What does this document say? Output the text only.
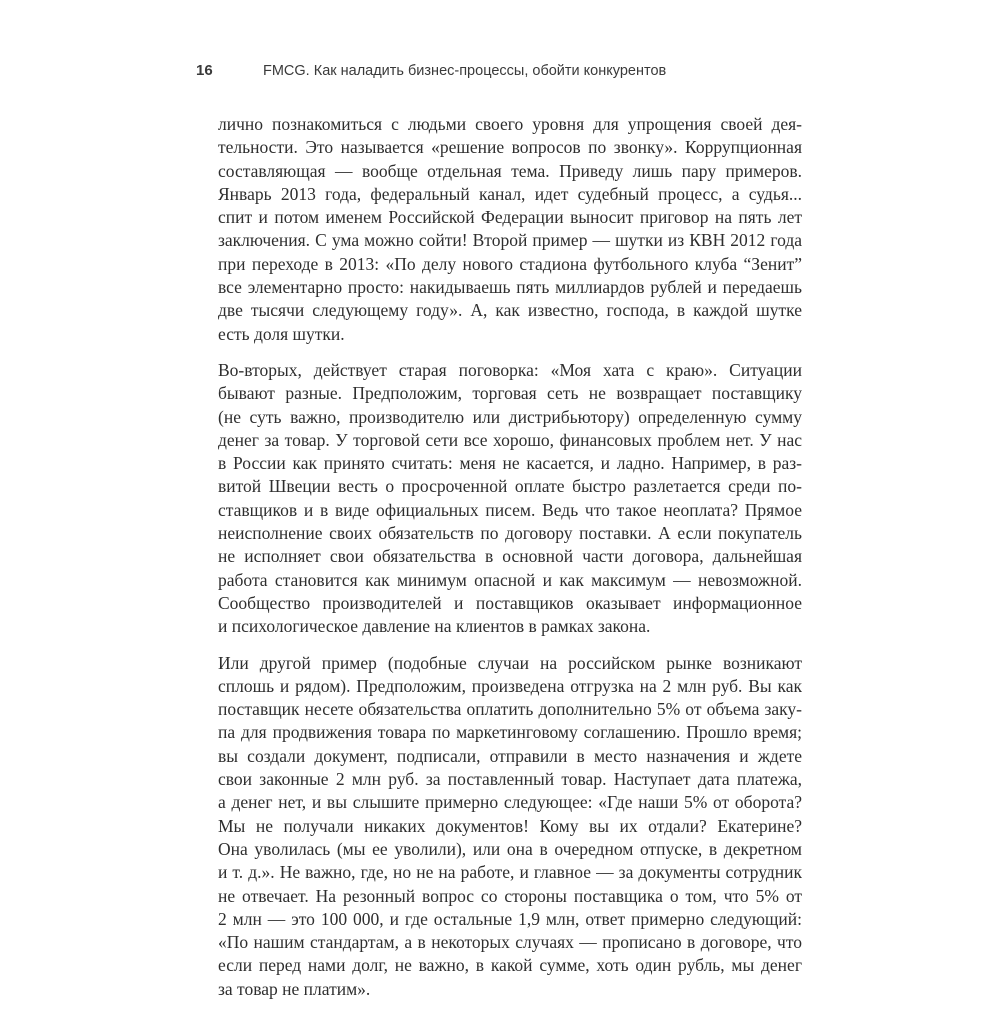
16	FMCG. Как наладить бизнес-процессы, обойти конкурентов
лично познакомиться с людьми своего уровня для упрощения своей дея-
тельности. Это называется «решение вопросов по звонку». Коррупционная
составляющая — вообще отдельная тема. Приведу лишь пару примеров.
Январь 2013 года, федеральный канал, идет судебный процесс, а судья...
спит и потом именем Российской Федерации выносит приговор на пять лет
заключения. С ума можно сойти! Второй пример — шутки из КВН 2012 года
при переходе в 2013: «По делу нового стадиона футбольного клуба “Зенит”
все элементарно просто: накидываешь пять миллиардов рублей и передаешь
две тысячи следующему году». А, как известно, господа, в каждой шутке
есть доля шутки.
Во-вторых, действует старая поговорка: «Моя хата с краю». Ситуации
бывают разные. Предположим, торговая сеть не возвращает поставщику
(не суть важно, производителю или дистрибьютору) определенную сумму
денег за товар. У торговой сети все хорошо, финансовых проблем нет. У нас
в России как принято считать: меня не касается, и ладно. Например, в раз-
витой Швеции весть о просроченной оплате быстро разлетается среди по-
ставщиков и в виде официальных писем. Ведь что такое неоплата? Прямое
неисполнение своих обязательств по договору поставки. А если покупатель
не исполняет свои обязательства в основной части договора, дальнейшая
работа становится как минимум опасной и как максимум — невозможной.
Сообщество производителей и поставщиков оказывает информационное
и психологическое давление на клиентов в рамках закона.
Или другой пример (подобные случаи на российском рынке возникают
сплошь и рядом). Предположим, произведена отгрузка на 2 млн руб. Вы как
поставщик несете обязательства оплатить дополнительно 5% от объема заку-
па для продвижения товара по маркетинговому соглашению. Прошло время;
вы создали документ, подписали, отправили в место назначения и ждете
свои законные 2 млн руб. за поставленный товар. Наступает дата платежа,
а денег нет, и вы слышите примерно следующее: «Где наши 5% от оборота?
Мы не получали никаких документов! Кому вы их отдали? Екатерине?
Она уволилась (мы ее уволили), или она в очередном отпуске, в декретном
и т. д.». Не важно, где, но не на работе, и главное — за документы сотрудник
не отвечает. На резонный вопрос со стороны поставщика о том, что 5% от
2 млн — это 100 000, и где остальные 1,9 млн, ответ примерно следующий:
«По нашим стандартам, а в некоторых случаях — прописано в договоре, что
если перед нами долг, не важно, в какой сумме, хоть один рубль, мы денег
за товар не платим».
